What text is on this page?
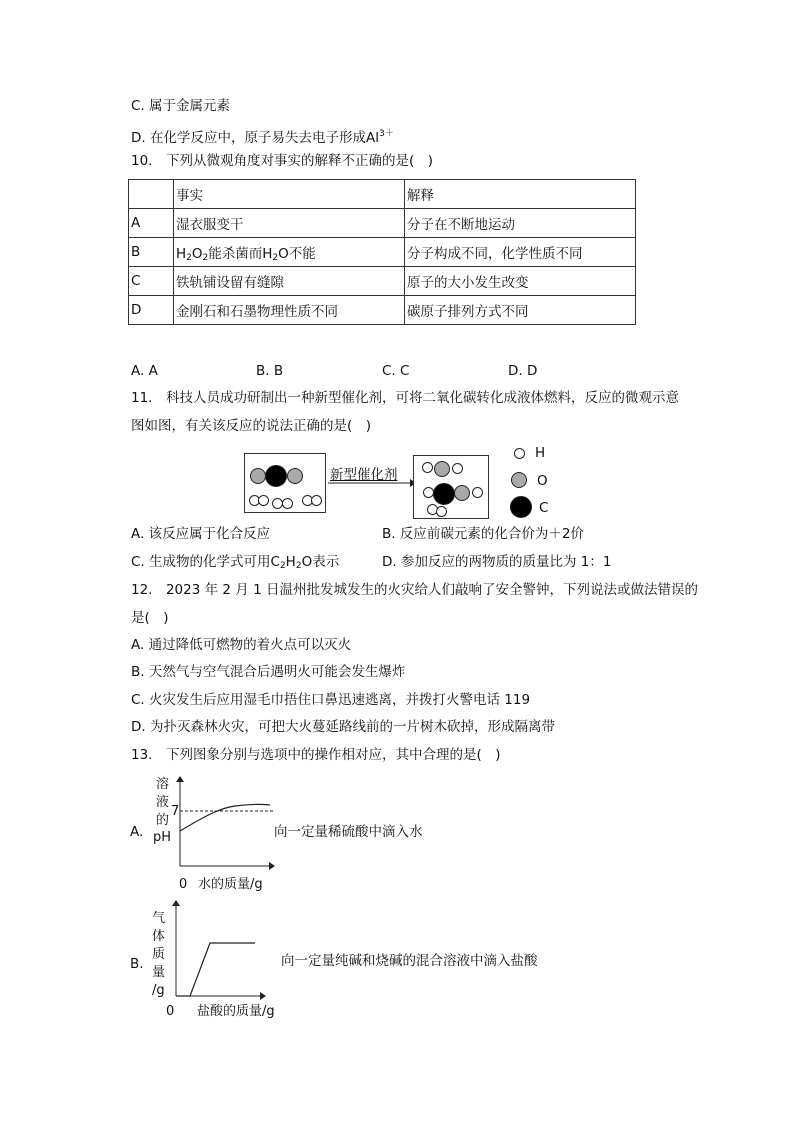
C. 属于金属元素
D. 在化学反应中，原子易失去电子形成$Al^{3+}$
10.　下列从微观角度对事实的解释不正确的是(　)
	事实	解释
A	湿衣服变干	分子在不断地运动
B	$H_2O_2$能杀菌而$H_2O$不能	分子构成不同，化学性质不同
C	铁轨铺设留有缝隙	原子的大小发生改变
D	金刚石和石墨物理性质不同	碳原子排列方式不同
A. A	B. B	C. C	D. D
11.　科技人员成功研制出一种新型催化剂，可将二氧化碳转化成液体燃料，反应的微观示意
图如图，有关该反应的说法正确的是(　)
新型催化剂
H
O
C
A. 该反应属于化合反应	B. 反应前碳元素的化合价为＋2价
C. 生成物的化学式可用$C_2H_2O$表示	D. 参加反应的两物质的质量比为 1：1
12.　2023 年 2 月 1 日温州批发城发生的火灾给人们敲响了安全警钟，下列说法或做法错误的
是(　)
A. 通过降低可燃物的着火点可以灭火
B. 天然气与空气混合后遇明火可能会发生爆炸
C. 火灾发生后应用湿毛巾捂住口鼻迅速逃离，并拨打火警电话 119
D. 为扑灭森林火灾，可把大火蔓延路线前的一片树木砍掉，形成隔离带
13.　下列图象分别与选项中的操作相对应，其中合理的是(　)
A.
溶
液
的
pH
7
0 水的质量/g
向一定量稀硫酸中滴入水
B.
气
体
质
量
/g
0 盐酸的质量/g
向一定量纯碱和烧碱的混合溶液中滴入盐酸
